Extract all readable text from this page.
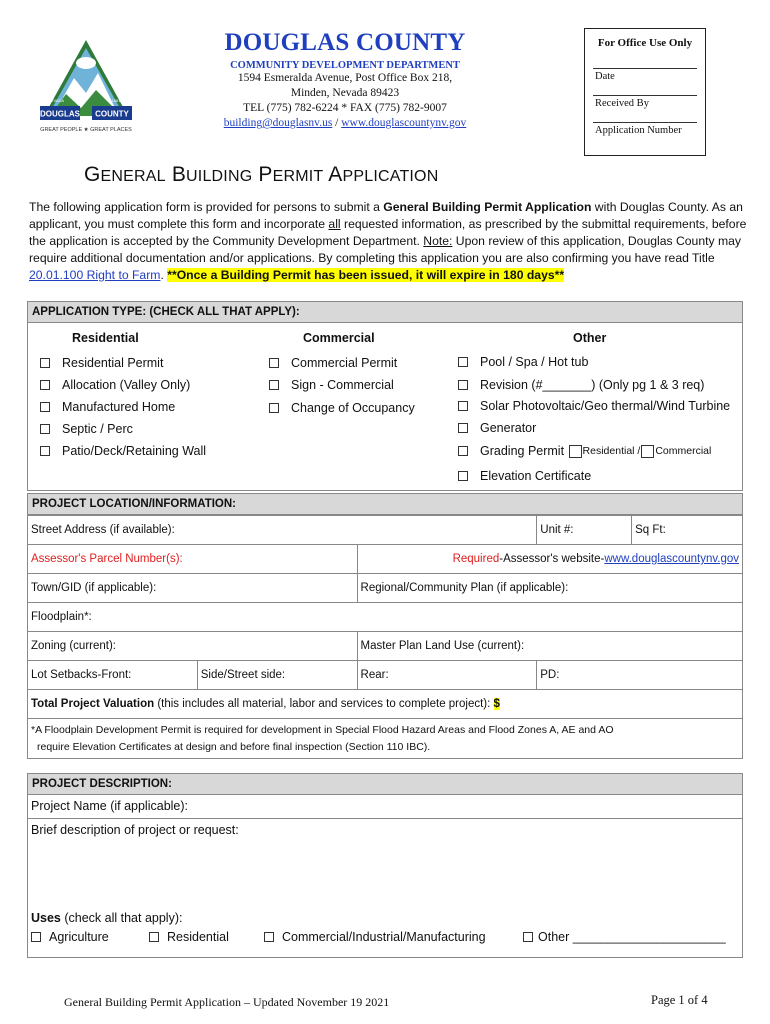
DOUGLAS COUNTY
NEVADA	1861
GREAT PEOPLE ★ GREAT PLACES
DOUGLAS COUNTY
COMMUNITY DEVELOPMENT DEPARTMENT
1594 Esmeralda Avenue, Post Office Box 218,
Minden, Nevada 89423
TEL (775) 782-6224 * FAX (775) 782-9007
building@douglasnv.us / www.douglascountynv.gov
For Office Use Only
Date
Received By
Application Number
GENERAL BUILDING PERMIT APPLICATION
The following application form is provided for persons to submit a General Building Permit Application with Douglas County. As an applicant, you must complete this form and incorporate all requested information, as prescribed by the submittal requirements, before the application is accepted by the Community Development Department. Note: Upon review of this application, Douglas County may require additional documentation and/or applications. By completing this application you are also confirming you have read Title 20.01.100 Right to Farm. **Once a Building Permit has been issued, it will expire in 180 days**
APPLICATION TYPE: (CHECK ALL THAT APPLY):
Residential	Commercial	Other
Residential Permit
Allocation (Valley Only)
Manufactured Home
Septic / Perc
Patio/Deck/Retaining Wall
Commercial Permit
Sign - Commercial
Change of Occupancy
Pool / Spa / Hot tub
Revision (#_______) (Only pg 1 & 3 req)
Solar Photovoltaic/Geo thermal/Wind Turbine
Generator
Grading Permit
Residential / Commercial
Elevation Certificate
PROJECT LOCATION/INFORMATION:
Street Address (if available):			Unit #:	Sq Ft:
Assessor's Parcel Number(s):		Required-Assessor's website-www.douglascountynv.gov		
Town/GID (if applicable):		Regional/Community Plan (if applicable):		
Floodplain*:				
Zoning (current):		Master Plan Land Use (current):		
Lot Setbacks-Front:	Side/Street side:	Rear:	PD:	
Total Project Valuation (this includes all material, labor and services to complete project): $				

*A Floodplain Development Permit is required for development in Special Flood Hazard Areas and Flood Zones A, AE and AO
require Elevation Certificates at design and before final inspection (Section 110 IBC).				
PROJECT DESCRIPTION:
Project Name (if applicable):
Brief description of project or request:
Uses (check all that apply):
Agriculture	Residential	Commercial/Industrial/Manufacturing	Other ______________________
General Building Permit Application – Updated November 19 2021	Page 1 of 4
